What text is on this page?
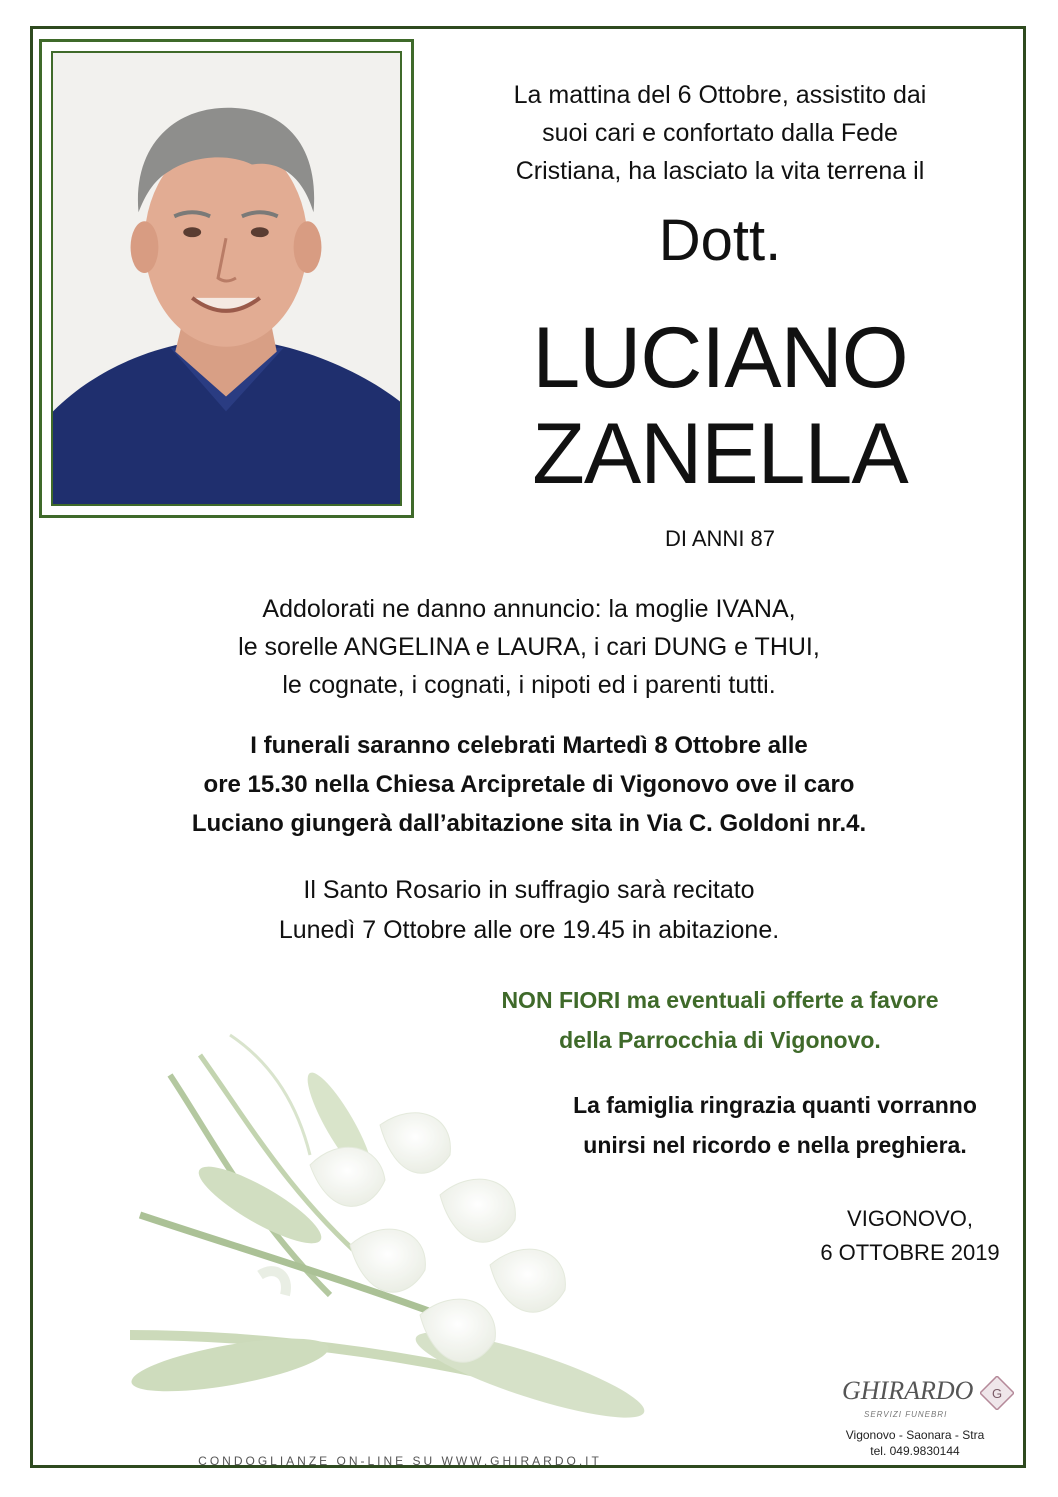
La mattina del 6 Ottobre, assistito dai
suoi cari e confortato dalla Fede
Cristiana, ha lasciato la vita terrena il
Dott.
LUCIANO
ZANELLA
DI ANNI 87
Addolorati ne danno annuncio: la moglie IVANA,
le sorelle ANGELINA e LAURA, i cari DUNG e THUI,
le cognate, i cognati, i nipoti ed i parenti tutti.
I funerali saranno celebrati Martedì 8 Ottobre alle
ore 15.30 nella Chiesa Arcipretale di Vigonovo ove il caro
Luciano giungerà dall’abitazione sita in Via C. Goldoni nr.4.
Il Santo Rosario in suffragio sarà recitato
Lunedì 7 Ottobre alle ore 19.45 in abitazione.
NON FIORI ma eventuali offerte a favore
della Parrocchia di Vigonovo.
La famiglia ringrazia quanti vorranno
unirsi nel ricordo e nella preghiera.
VIGONOVO,
6 OTTOBRE 2019
CONDOGLIANZE ON-LINE SU WWW.GHIRARDO.IT
GHIRARDO
SERVIZI FUNEBRI
G
Vigonovo - Saonara - Stra
tel. 049.9830144
